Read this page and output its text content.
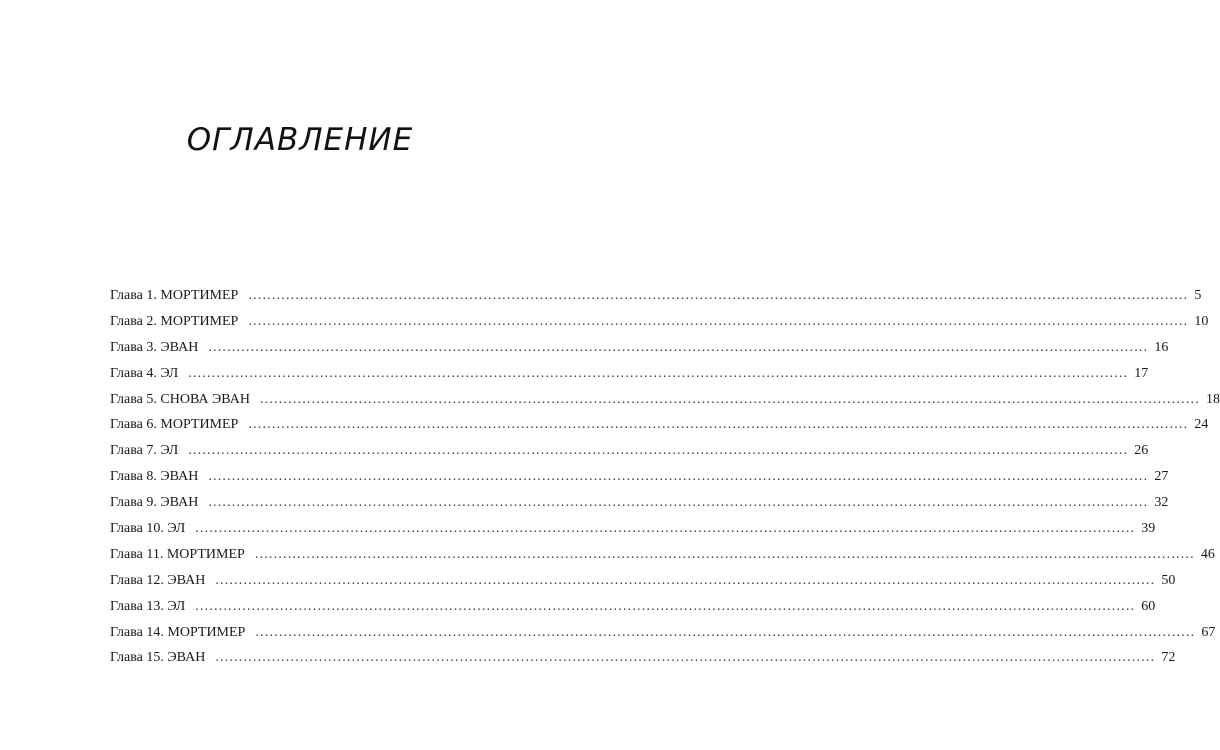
ОГЛАВЛЕНИЕ
Глава 1. МОРТИМЕР ........................................................................................................................................................................................................ 5
Глава 2. МОРТИМЕР ........................................................................................................................................................................................................ 10
Глава 3. ЭВАН ........................................................................................................................................................................................................ 16
Глава 4. ЭЛ ........................................................................................................................................................................................................ 17
Глава 5. СНОВА ЭВАН ........................................................................................................................................................................................................ 18
Глава 6. МОРТИМЕР ........................................................................................................................................................................................................ 24
Глава 7. ЭЛ ........................................................................................................................................................................................................ 26
Глава 8. ЭВАН ........................................................................................................................................................................................................ 27
Глава 9. ЭВАН ........................................................................................................................................................................................................ 32
Глава 10. ЭЛ ........................................................................................................................................................................................................ 39
Глава 11. МОРТИМЕР ........................................................................................................................................................................................................ 46
Глава 12. ЭВАН ........................................................................................................................................................................................................ 50
Глава 13. ЭЛ ........................................................................................................................................................................................................ 60
Глава 14. МОРТИМЕР ........................................................................................................................................................................................................ 67
Глава 15. ЭВАН ........................................................................................................................................................................................................ 72
